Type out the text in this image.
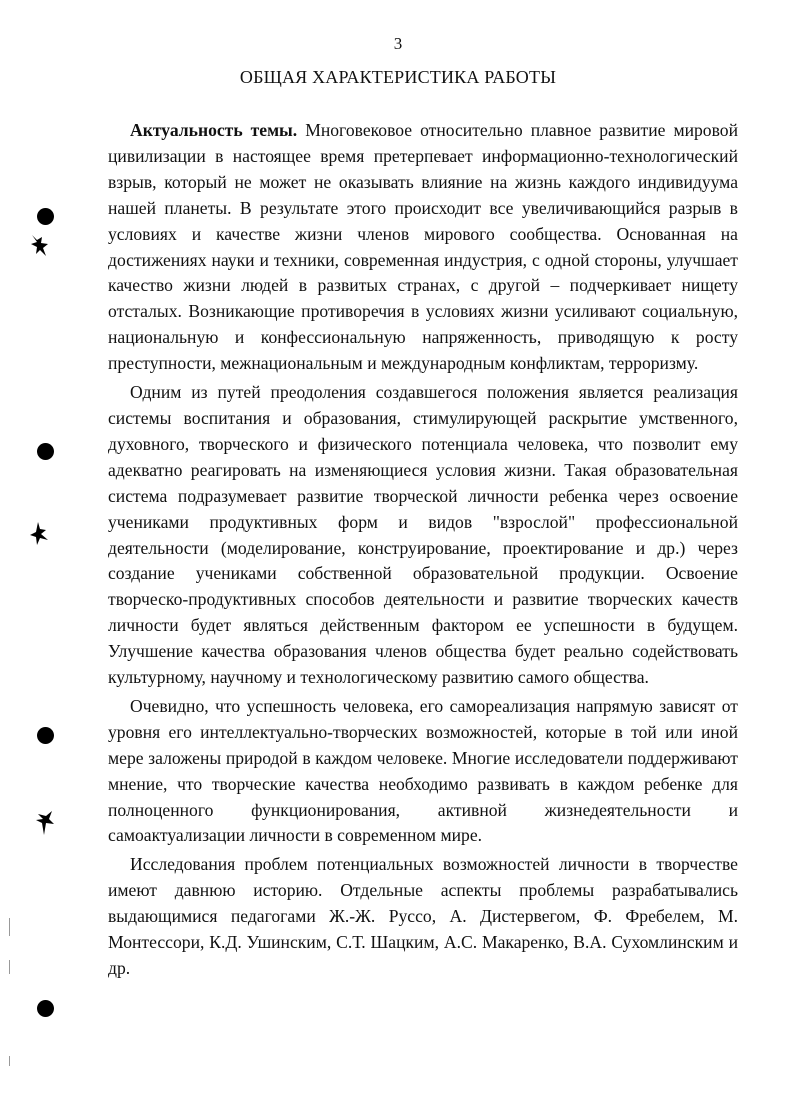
3
ОБЩАЯ ХАРАКТЕРИСТИКА РАБОТЫ

Актуальность темы. Многовековое относительно плавное развитие мировой цивилизации в настоящее время претерпевает информационно-технологический взрыв, который не может не оказывать влияние на жизнь каждого индивидуума нашей планеты. В результате этого происходит все увеличивающийся разрыв в условиях и качестве жизни членов мирового сообщества. Основанная на достижениях науки и техники, современная индустрия, с одной стороны, улучшает качество жизни людей в развитых странах, с другой – подчеркивает нищету отсталых. Возникающие противоречия в условиях жизни усиливают социальную, национальную и конфессиональную напряженность, приводящую к росту преступности, межнациональным и международным конфликтам, терроризму.

Одним из путей преодоления создавшегося положения является реализация системы воспитания и образования, стимулирующей раскрытие умственного, духовного, творческого и физического потенциала человека, что позволит ему адекватно реагировать на изменяющиеся условия жизни. Такая образовательная система подразумевает развитие творческой личности ребенка через освоение учениками продуктивных форм и видов "взрослой" профессиональной деятельности (моделирование, конструирование, проектирование и др.) через создание учениками собственной образовательной продукции. Освоение творческо-продуктивных способов деятельности и развитие творческих качеств личности будет являться действенным фактором ее успешности в будущем. Улучшение качества образования членов общества будет реально содействовать культурному, научному и технологическому развитию самого общества.

Очевидно, что успешность человека, его самореализация напрямую зависят от уровня его интеллектуально-творческих возможностей, которые в той или иной мере заложены природой в каждом человеке. Многие исследователи поддерживают мнение, что творческие качества необходимо развивать в каждом ребенке для полноценного функционирования, активной жизнедеятельности и самоактуализации личности в современном мире.

Исследования проблем потенциальных возможностей личности в творчестве имеют давнюю историю. Отдельные аспекты проблемы разрабатывались выдающимися педагогами Ж.-Ж. Руссо, А. Дистервегом, Ф. Фребелем, М. Монтессори, К.Д. Ушинским, С.Т. Шацким, А.С. Макаренко, В.А. Сухомлинским и др.
